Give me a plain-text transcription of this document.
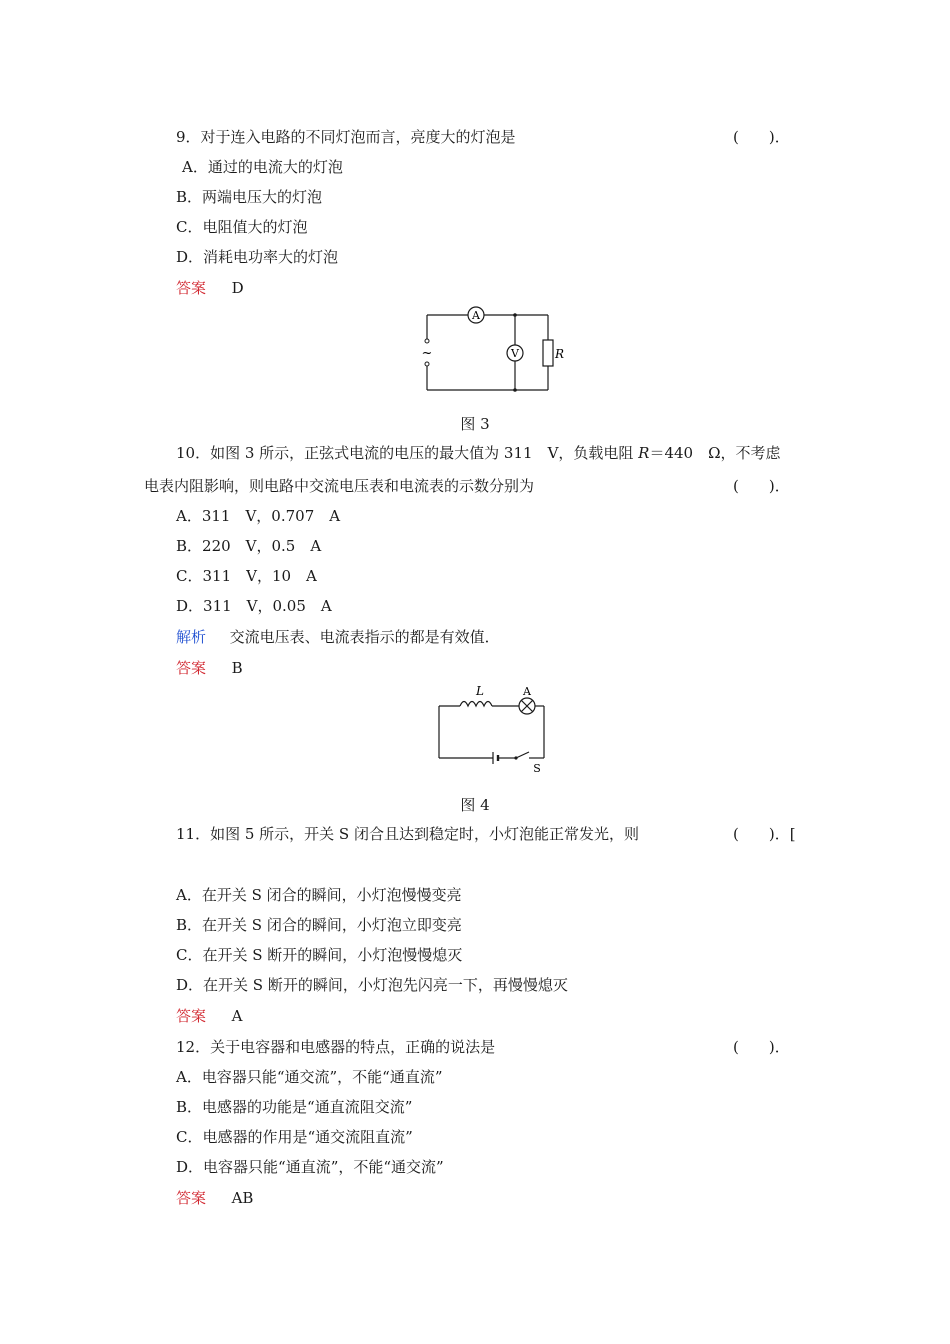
9．对于连入电路的不同灯泡而言，亮度大的灯泡是	(　　)．
A．通过的电流大的灯泡
B．两端电压大的灯泡
C．电阻值大的灯泡
D．消耗电功率大的灯泡
答案 D
A
V	R
~
图 3
10．如图 3 所示，正弦式电流的电压的最大值为 311　V，负载电阻 R＝440　Ω，不考虑
电表内阻影响，则电路中交流电压表和电流表的示数分别为	(　　)．
A．311　V，0.707　A
B．220　V，0.5　A
C．311　V，10　A
D．311　V，0.05　A
解析 交流电压表、电流表指示的都是有效值．
答案 B
L	A
S
图 4
11．如图 5 所示，开关 S 闭合且达到稳定时，小灯泡能正常发光，则	(　　)．[
A．在开关 S 闭合的瞬间，小灯泡慢慢变亮
B．在开关 S 闭合的瞬间，小灯泡立即变亮
C．在开关 S 断开的瞬间，小灯泡慢慢熄灭
D．在开关 S 断开的瞬间，小灯泡先闪亮一下，再慢慢熄灭
答案 A
12．关于电容器和电感器的特点，正确的说法是	(　　)．
A．电容器只能“通交流”，不能“通直流”
B．电感器的功能是“通直流阻交流”
C．电感器的作用是“通交流阻直流”
D．电容器只能“通直流”，不能“通交流”
答案 AB
